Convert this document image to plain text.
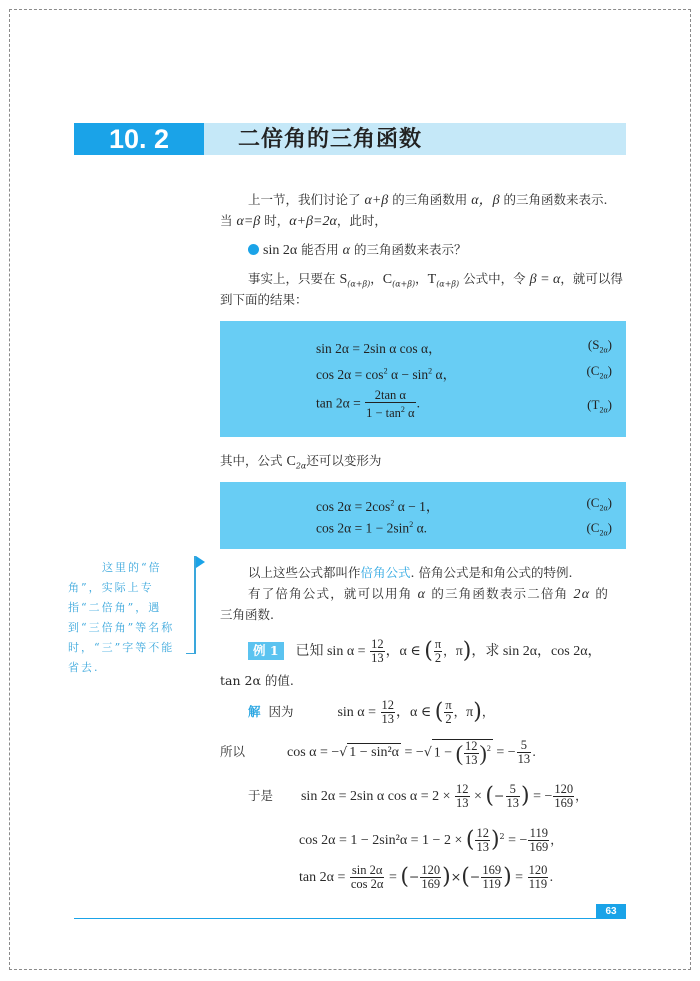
10. 2	二倍角的三角函数
上一节，我们讨论了 α+β 的三角函数用 α，β 的三角函数来表示.
当 α=β 时，α+β=2α，此时，
sin 2α 能否用 α 的三角函数来表示？
事实上，只要在 $S_{(\alpha+\beta)}$，$C_{(\alpha+\beta)}$，$T_{(\alpha+\beta)}$ 公式中，令 β = α，就可以得
到下面的结果：
sin 2α = 2sin α cos α，	$(S_{2\alpha})$
$\cos 2\alpha = \cos^2 \alpha - \sin^2 \alpha$，	$(C_{2\alpha})$
$\tan 2\alpha = \frac{\text{2tan α}}{1 - \tan^2 \alpha}$ .	$(T_{2\alpha})$
其中，公式 $C_{2\alpha}$还可以变形为
$\cos 2\alpha = 2\cos^2$ α − 1，	$(C_{2\alpha})$
$\cos 2\alpha = 1 - 2\sin^2$ α.	$(C_{2\alpha})$
这里的“倍角”，实际上专指“二倍角”，遇到“三倍角”等名称时，“三”字等不能省去.
以上这些公式都叫作倍角公式. 倍角公式是和角公式的特例.
有了倍角公式，就可以用角 α 的三角函数表示二倍角 2α 的
三角函数.
例 1 已知 $\sin \alpha = \frac{12}{13}$ ，α ∈ ( $\frac{\pi}{2}$ ，π)，求 sin 2α，cos 2α，
tan 2α 的值.
解 因为	$\sin \alpha = \frac{12}{13}$ ，α ∈ ( $\frac{\pi}{2}$ ，π)，
所以	cos α = −√ 1 − sin²α = −√ 1 − ( $\frac{12}{13} )^2$ = − $\frac{5}{13}$ .
于是 sin 2α = 2sin α $\cos \alpha = 2 \times \frac{12}{13}$ × (− $\frac{5}{13}$ ) = − $\frac{120}{169}$ ，
cos 2α = 1 − 2sin²α = 1 − 2 × ( $\frac{12}{13} )^2$ = − $\frac{119}{169}$ ，
$\tan 2\alpha = \frac{\sin 2\alpha}{\cos 2\alpha}$ = (− $\frac{120}{169}$ )×(− $\frac{169}{119}$ ) = $\frac{120}{119}$ .
63
